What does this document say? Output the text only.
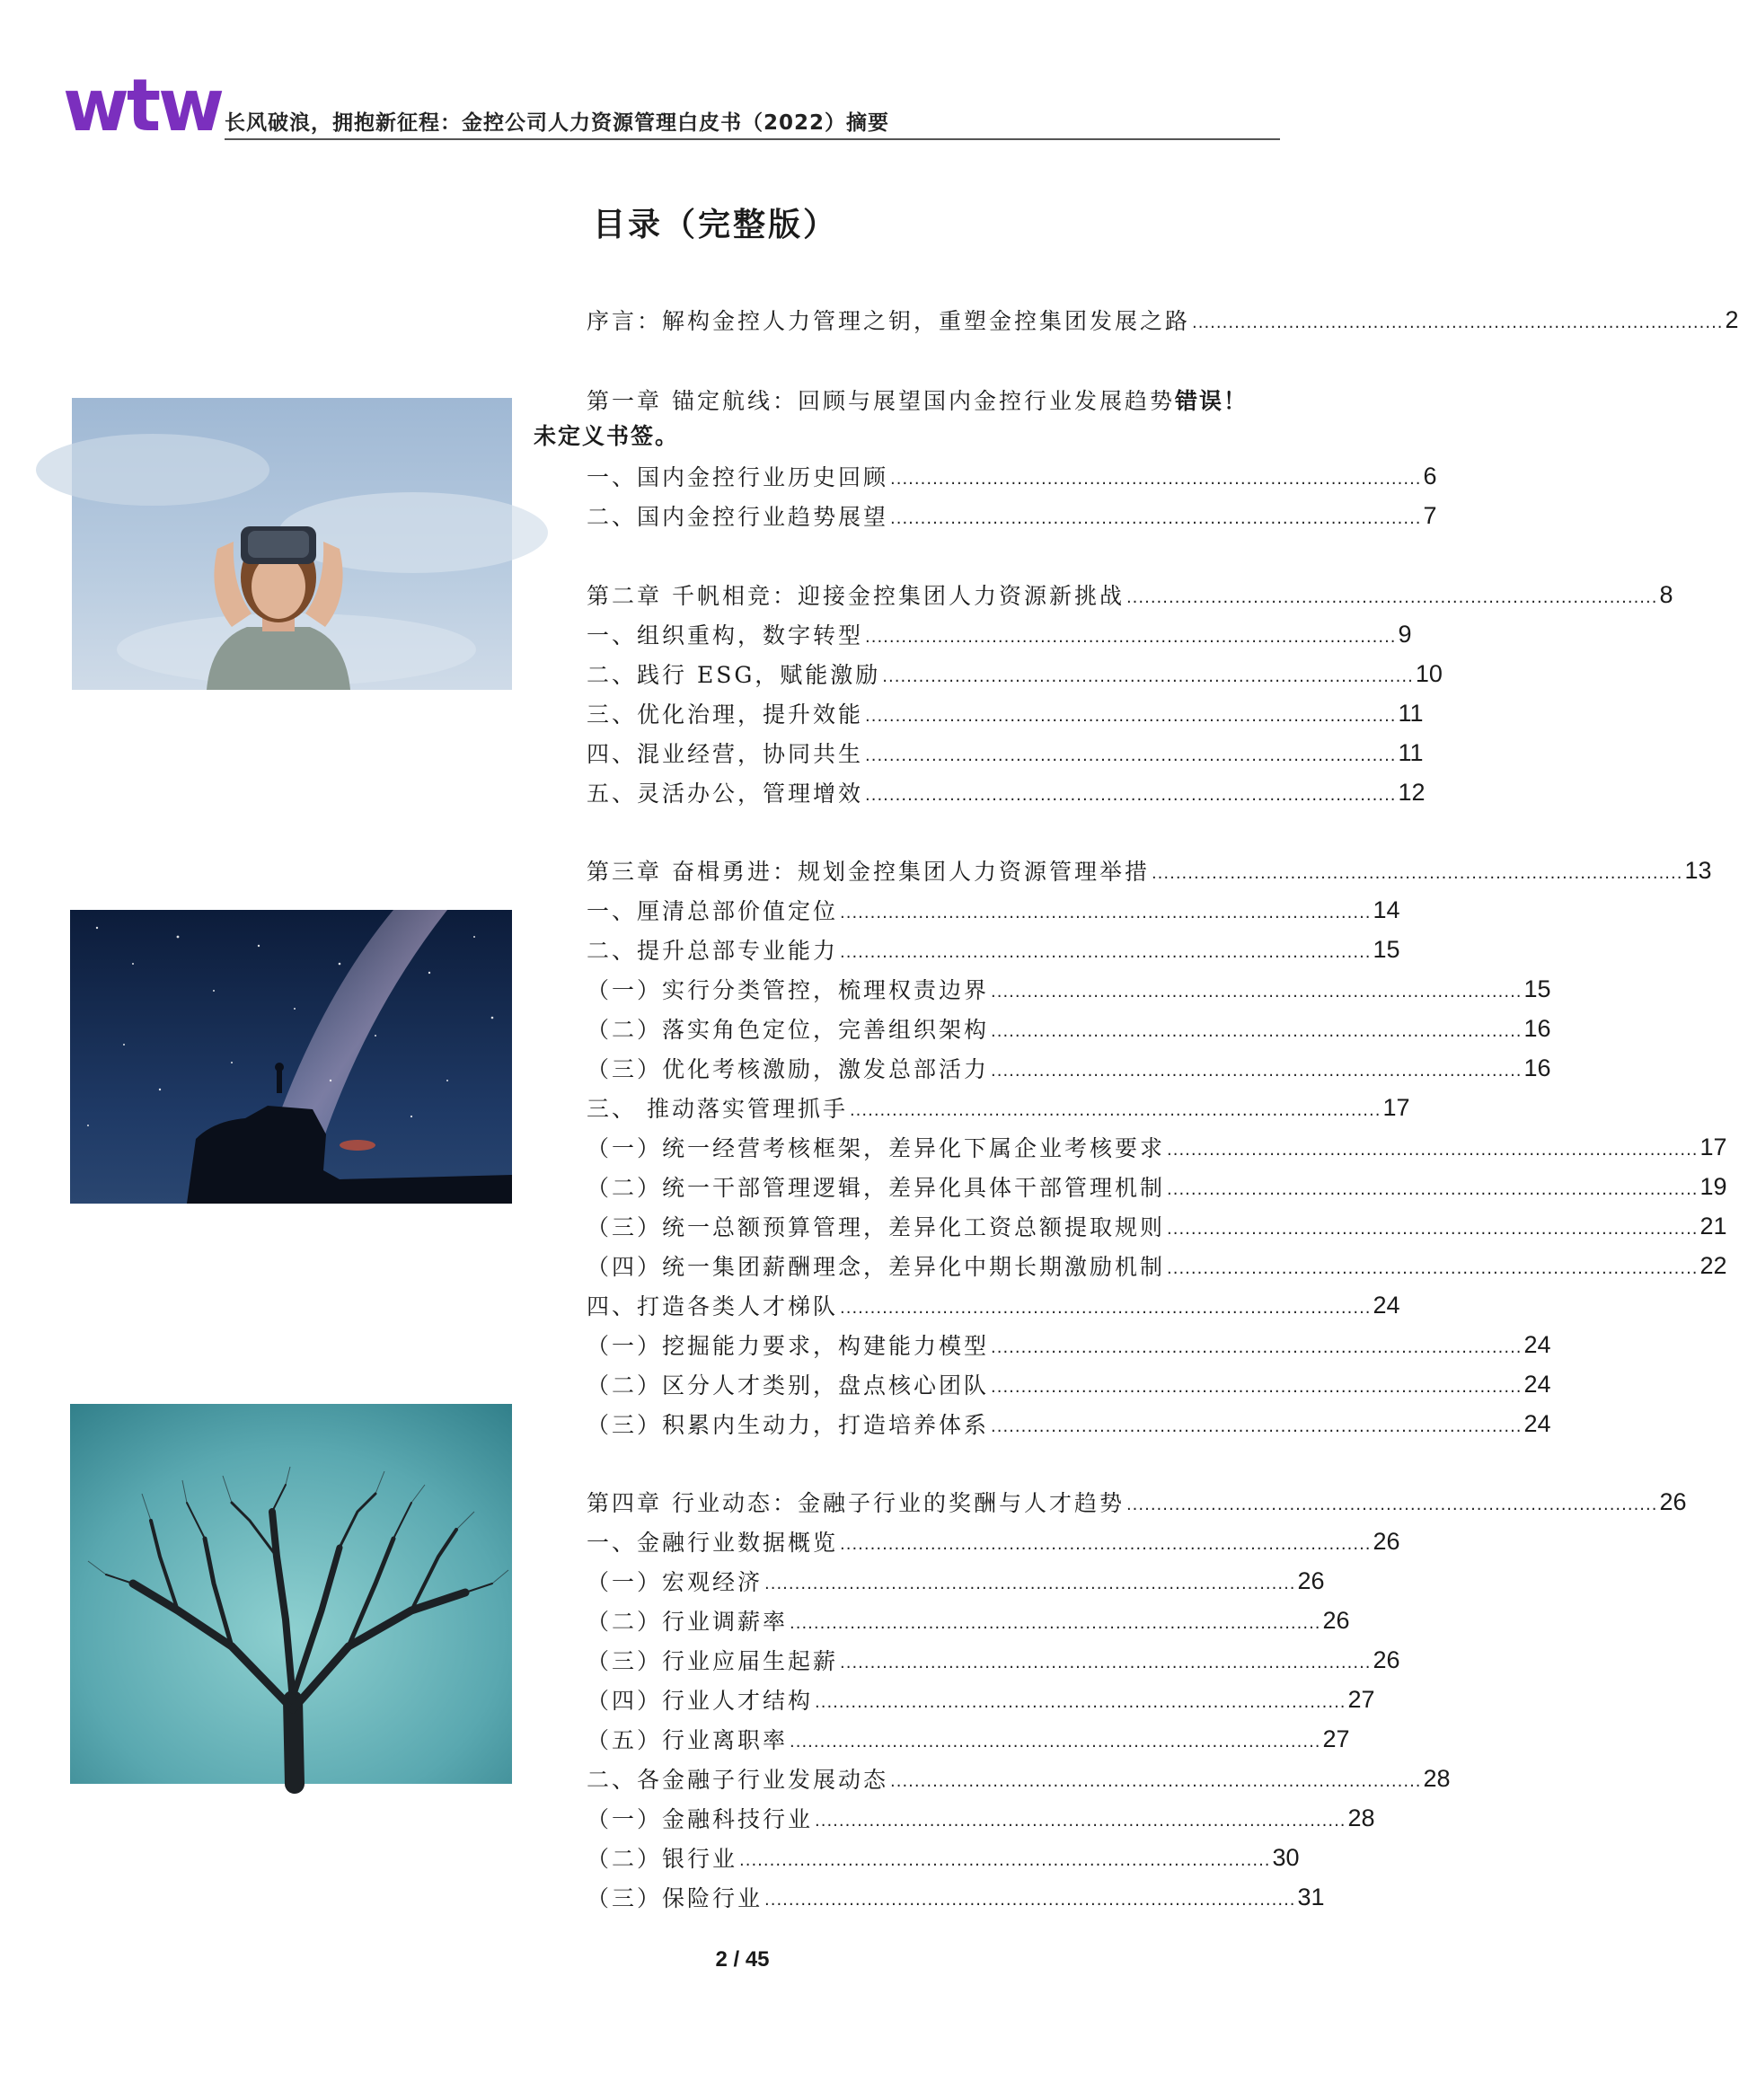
wtw 长风破浪，拥抱新征程：金控公司人力资源管理白皮书（2022）摘要
目录（完整版）
序言：解构金控人力管理之钥，重塑金控集团发展之路 ........................................................................................ 2
第一章 锚定航线：回顾与展望国内金控行业发展趋势 错误！
未定义书签。
一、国内金控行业历史回顾 ........................................................................................ 6
二、国内金控行业趋势展望 ........................................................................................ 7
第二章 千帆相竞：迎接金控集团人力资源新挑战 ........................................................................................ 8
一、组织重构，数字转型 ........................................................................................ 9
二、践行 ESG，赋能激励 ........................................................................................ 10
三、优化治理，提升效能 ........................................................................................ 11
四、混业经营，协同共生 ........................................................................................ 11
五、灵活办公，管理增效 ........................................................................................ 12
第三章 奋楫勇进：规划金控集团人力资源管理举措 ........................................................................................ 13
一、厘清总部价值定位 ........................................................................................ 14
二、提升总部专业能力 ........................................................................................ 15
（一）实行分类管控，梳理权责边界 ........................................................................................ 15
（二）落实角色定位，完善组织架构 ........................................................................................ 16
（三）优化考核激励，激发总部活力 ........................................................................................ 16
三、 推动落实管理抓手 ........................................................................................ 17
（一）统一经营考核框架，差异化下属企业考核要求 ........................................................................................ 17
（二）统一干部管理逻辑，差异化具体干部管理机制 ........................................................................................ 19
（三）统一总额预算管理，差异化工资总额提取规则 ........................................................................................ 21
（四）统一集团薪酬理念，差异化中期长期激励机制 ........................................................................................ 22
四、打造各类人才梯队 ........................................................................................ 24
（一）挖掘能力要求，构建能力模型 ........................................................................................ 24
（二）区分人才类别，盘点核心团队 ........................................................................................ 24
（三）积累内生动力，打造培养体系 ........................................................................................ 24
第四章 行业动态：金融子行业的奖酬与人才趋势 ........................................................................................ 26
一、金融行业数据概览 ........................................................................................ 26
（一）宏观经济 ........................................................................................ 26
（二）行业调薪率 ........................................................................................ 26
（三）行业应届生起薪 ........................................................................................ 26
（四）行业人才结构 ........................................................................................ 27
（五）行业离职率 ........................................................................................ 27
二、各金融子行业发展动态 ........................................................................................ 28
（一）金融科技行业 ........................................................................................ 28
（二）银行业 ........................................................................................ 30
（三）保险行业 ........................................................................................ 31
2 / 45
